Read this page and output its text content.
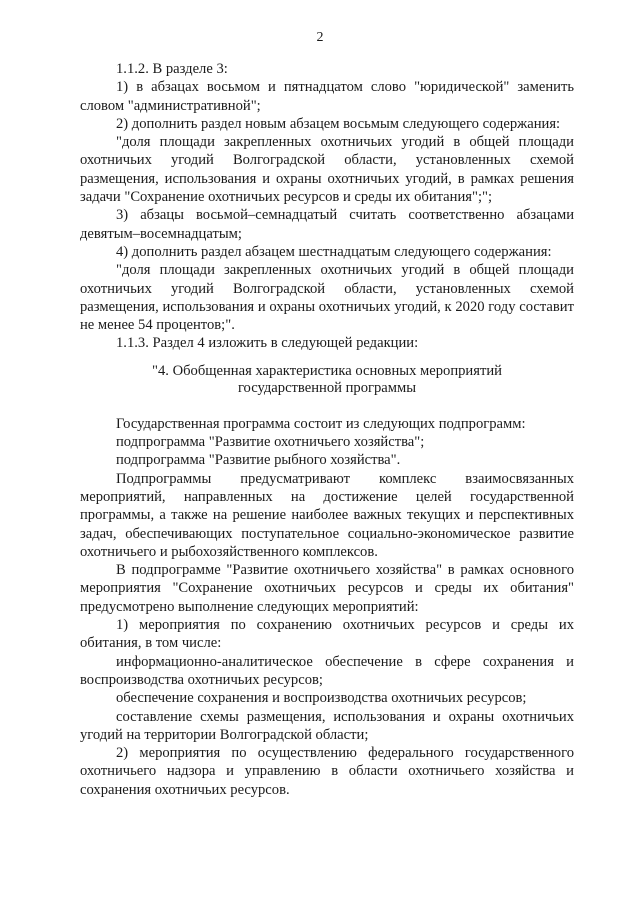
2

1.1.2. В разделе 3:

1) в абзацах восьмом и пятнадцатом слово "юридической" заменить словом "административной";

2) дополнить раздел новым абзацем восьмым следующего содержания:

"доля площади закрепленных охотничьих угодий в общей площади охотничьих угодий Волгоградской области, установленных схемой размещения, использования и охраны охотничьих угодий, в рамках решения задачи "Сохранение охотничьих ресурсов и среды их обитания";";

3) абзацы восьмой–семнадцатый считать соответственно абзацами девятым–восемнадцатым;

4) дополнить раздел абзацем шестнадцатым следующего содержания:

"доля площади закрепленных охотничьих угодий в общей площади охотничьих угодий Волгоградской области, установленных схемой размещения, использования и охраны охотничьих угодий, к 2020 году составит не менее 54 процентов;".

1.1.3. Раздел 4 изложить в следующей редакции:

"4. Обобщенная характеристика основных мероприятий
государственной программы

Государственная программа состоит из следующих подпрограмм:

подпрограмма "Развитие охотничьего хозяйства";

подпрограмма "Развитие рыбного хозяйства".

Подпрограммы предусматривают комплекс взаимосвязанных мероприятий, направленных на достижение целей государственной программы, а также на решение наиболее важных текущих и перспективных задач, обеспечивающих поступательное социально-экономическое развитие охотничьего и рыбохозяйственного комплексов.

В подпрограмме "Развитие охотничьего хозяйства" в рамках основного мероприятия "Сохранение охотничьих ресурсов и среды их обитания" предусмотрено выполнение следующих мероприятий:

1) мероприятия по сохранению охотничьих ресурсов и среды их обитания, в том числе:

информационно-аналитическое обеспечение в сфере сохранения и воспроизводства охотничьих ресурсов;

обеспечение сохранения и воспроизводства охотничьих ресурсов;

составление схемы размещения, использования и охраны охотничьих угодий на территории Волгоградской области;

2) мероприятия по осуществлению федерального государственного охотничьего надзора и управлению в области охотничьего хозяйства и сохранения охотничьих ресурсов.
